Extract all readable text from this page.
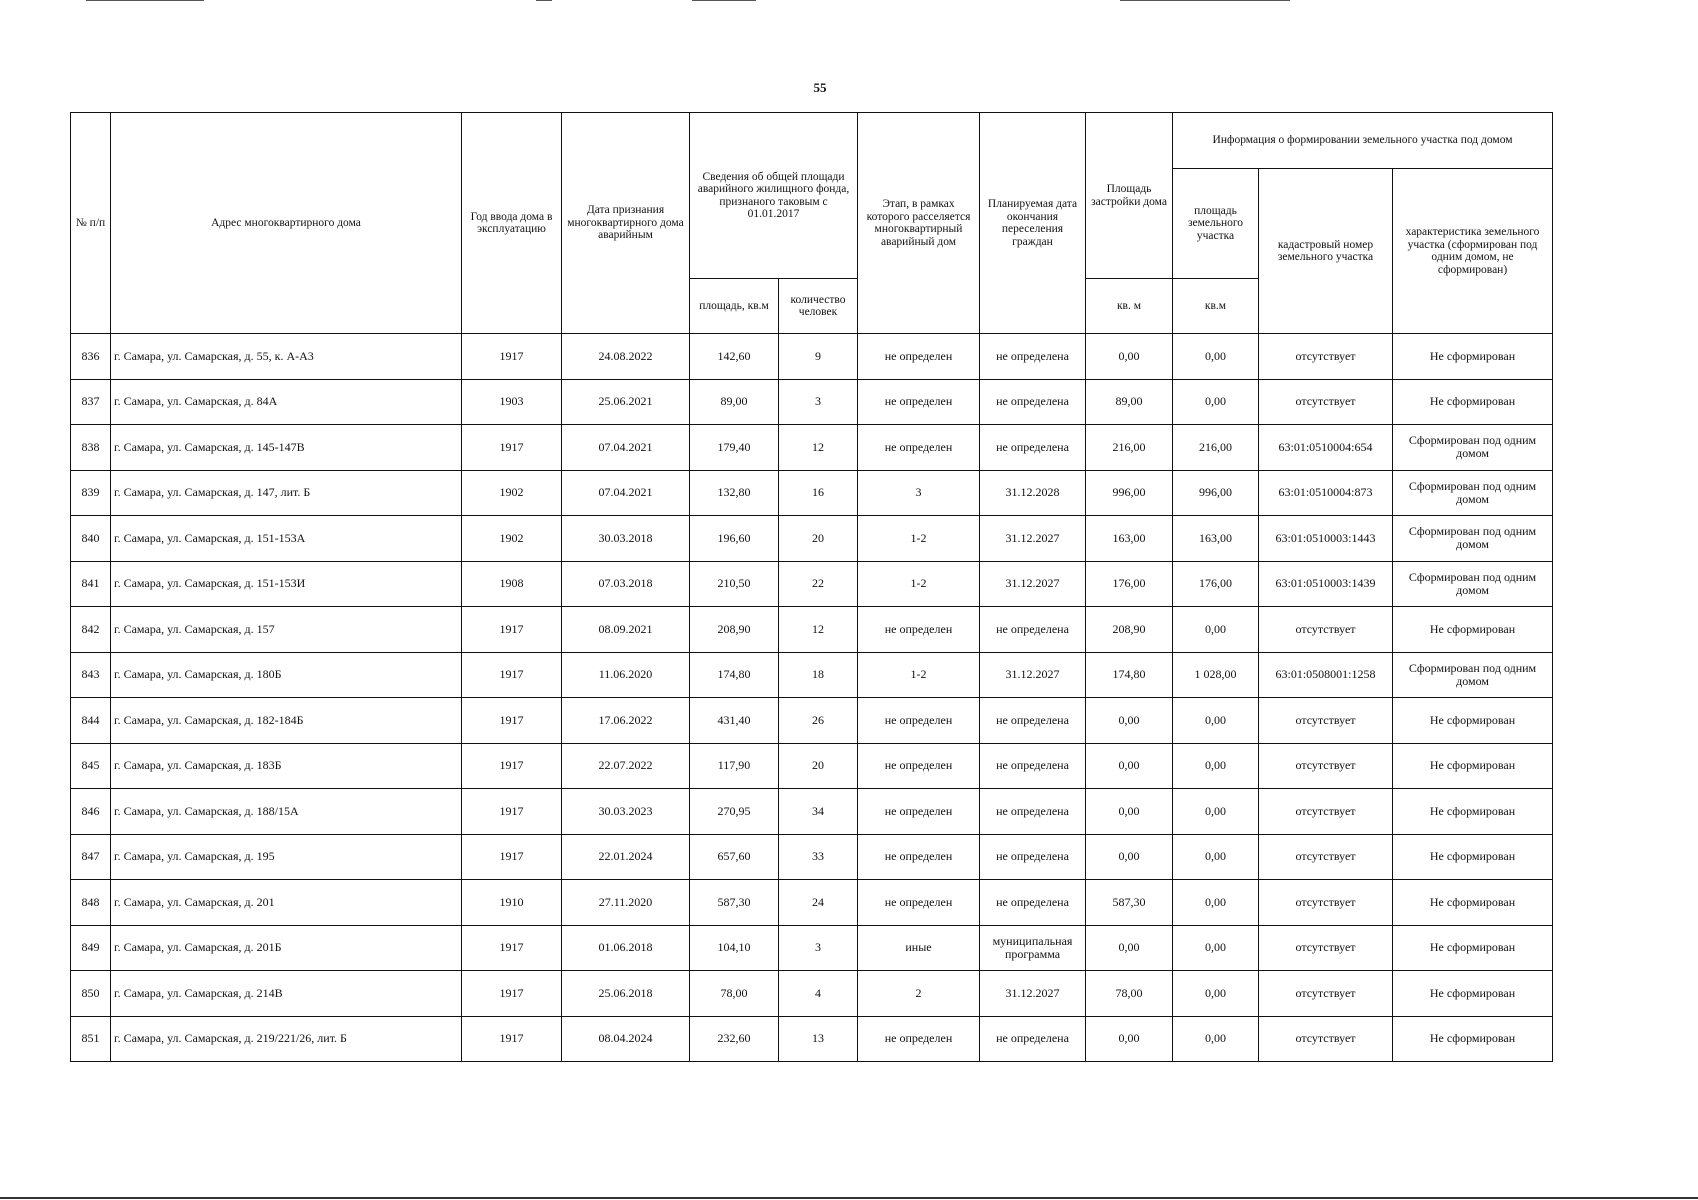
55
№ п/п	Адрес многоквартирного дома	Год ввода дома в эксплуатацию	Дата признания многоквартирного дома аварийным	Сведения об общей площади аварийного жилищного фонда, признаного таковым с 01.01.2017		Этап, в рамках которого расселяется многоквартирный аварийный дом	Планируемая дата окончания переселения граждан	Площадь застройки дома	Информация о формировании земельного участка под домом		
									площадь земельного участка	кадастровый номер земельного участка	характеристика земельного участка (сформирован под одним домом, не сформирован)
				площадь, кв.м	количество человек			кв. м	кв.м		
836	г. Самара, ул. Самарская, д. 55, к. А-А3	1917	24.08.2022	142,60	9	не определен	не определена	0,00	0,00	отсутствует	Не сформирован
837	г. Самара, ул. Самарская, д. 84А	1903	25.06.2021	89,00	3	не определен	не определена	89,00	0,00	отсутствует	Не сформирован
838	г. Самара, ул. Самарская, д. 145-147В	1917	07.04.2021	179,40	12	не определен	не определена	216,00	216,00	63:01:0510004:654	Сформирован под одним домом
839	г. Самара, ул. Самарская, д. 147, лит. Б	1902	07.04.2021	132,80	16	3	31.12.2028	996,00	996,00	63:01:0510004:873	Сформирован под одним домом
840	г. Самара, ул. Самарская, д. 151-153А	1902	30.03.2018	196,60	20	1-2	31.12.2027	163,00	163,00	63:01:0510003:1443	Сформирован под одним домом
841	г. Самара, ул. Самарская, д. 151-153И	1908	07.03.2018	210,50	22	1-2	31.12.2027	176,00	176,00	63:01:0510003:1439	Сформирован под одним домом
842	г. Самара, ул. Самарская, д. 157	1917	08.09.2021	208,90	12	не определен	не определена	208,90	0,00	отсутствует	Не сформирован
843	г. Самара, ул. Самарская, д. 180Б	1917	11.06.2020	174,80	18	1-2	31.12.2027	174,80	1 028,00	63:01:0508001:1258	Сформирован под одним домом
844	г. Самара, ул. Самарская, д. 182-184Б	1917	17.06.2022	431,40	26	не определен	не определена	0,00	0,00	отсутствует	Не сформирован
845	г. Самара, ул. Самарская, д. 183Б	1917	22.07.2022	117,90	20	не определен	не определена	0,00	0,00	отсутствует	Не сформирован
846	г. Самара, ул. Самарская, д. 188/15А	1917	30.03.2023	270,95	34	не определен	не определена	0,00	0,00	отсутствует	Не сформирован
847	г. Самара, ул. Самарская, д. 195	1917	22.01.2024	657,60	33	не определен	не определена	0,00	0,00	отсутствует	Не сформирован
848	г. Самара, ул. Самарская, д. 201	1910	27.11.2020	587,30	24	не определен	не определена	587,30	0,00	отсутствует	Не сформирован
849	г. Самара, ул. Самарская, д. 201Б	1917	01.06.2018	104,10	3	иные	муниципальная программа	0,00	0,00	отсутствует	Не сформирован
850	г. Самара, ул. Самарская, д. 214В	1917	25.06.2018	78,00	4	2	31.12.2027	78,00	0,00	отсутствует	Не сформирован
851	г. Самара, ул. Самарская, д. 219/221/26, лит. Б	1917	08.04.2024	232,60	13	не определен	не определена	0,00	0,00	отсутствует	Не сформирован
